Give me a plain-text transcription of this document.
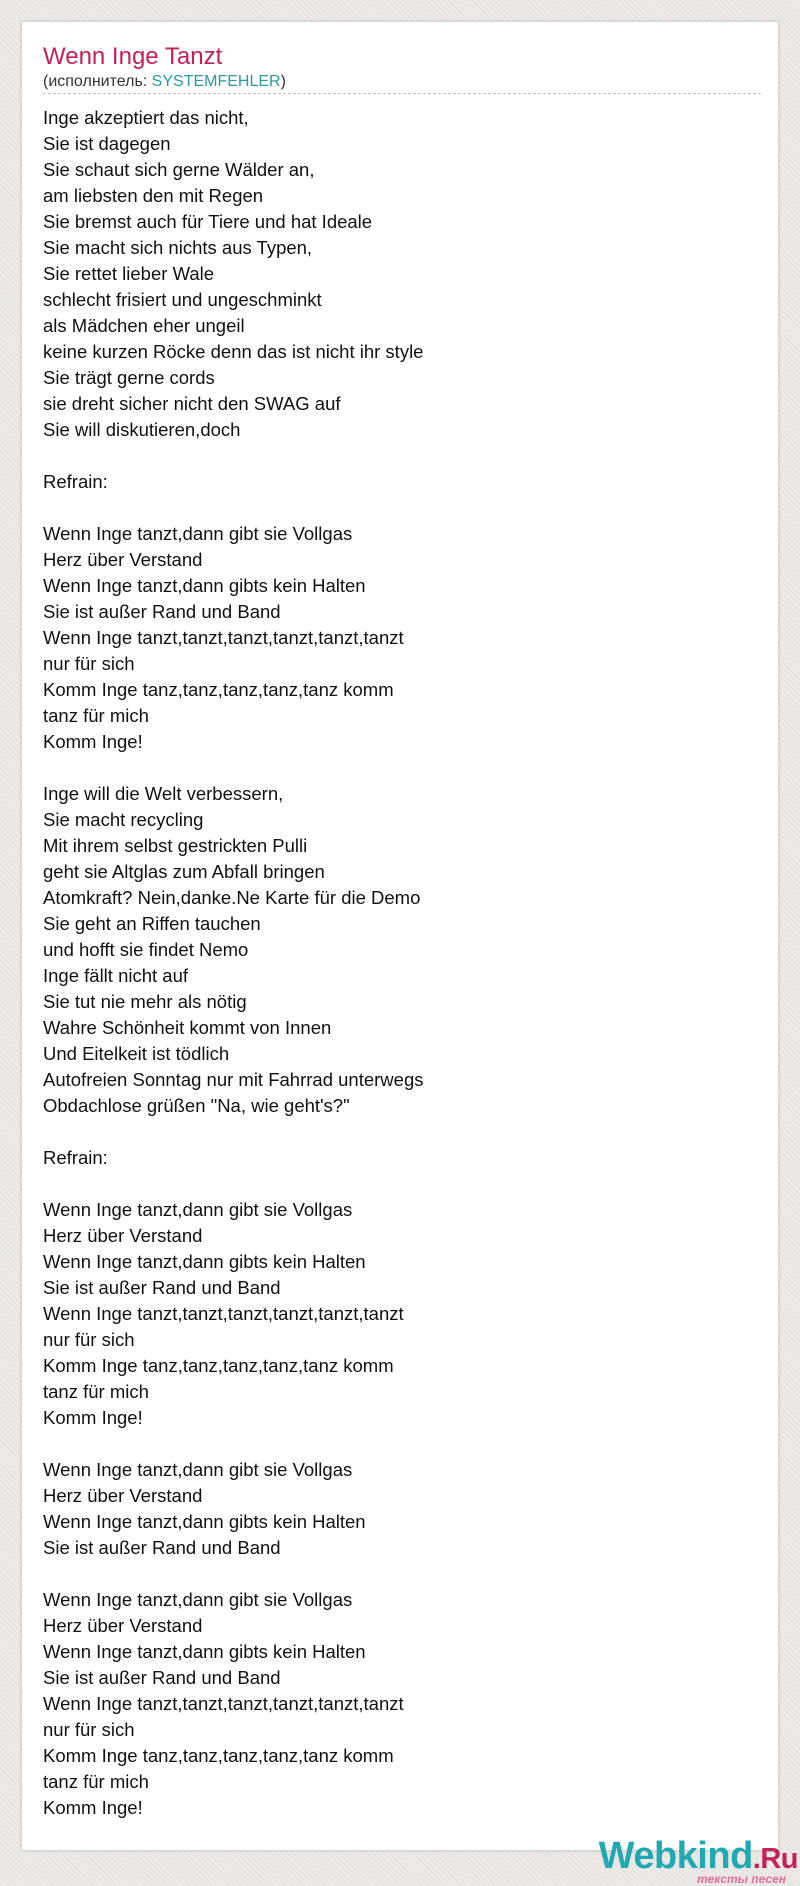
Wenn Inge Tanzt
(исполнитель: SYSTEMFEHLER)
Inge akzeptiert das nicht,
Sie ist dagegen
Sie schaut sich gerne Wälder an,
am liebsten den mit Regen
Sie bremst auch für Tiere und hat Ideale
Sie macht sich nichts aus Typen,
Sie rettet lieber Wale
schlecht frisiert und ungeschminkt
als Mädchen eher ungeil
keine kurzen Röcke denn das ist nicht ihr style
Sie trägt gerne cords
sie dreht sicher nicht den SWAG auf
Sie will diskutieren,doch
Refrain:
Wenn Inge tanzt,dann gibt sie Vollgas
Herz über Verstand
Wenn Inge tanzt,dann gibts kein Halten
Sie ist außer Rand und Band
Wenn Inge tanzt,tanzt,tanzt,tanzt,tanzt,tanzt
nur für sich
Komm Inge tanz,tanz,tanz,tanz,tanz komm
tanz für mich
Komm Inge!
Inge will die Welt verbessern,
Sie macht recycling
Mit ihrem selbst gestrickten Pulli
geht sie Altglas zum Abfall bringen
Atomkraft? Nein,danke.Ne Karte für die Demo
Sie geht an Riffen tauchen
und hofft sie findet Nemo
Inge fällt nicht auf
Sie tut nie mehr als nötig
Wahre Schönheit kommt von Innen
Und Eitelkeit ist tödlich
Autofreien Sonntag nur mit Fahrrad unterwegs
Obdachlose grüßen "Na, wie geht's?"
Refrain:
Wenn Inge tanzt,dann gibt sie Vollgas
Herz über Verstand
Wenn Inge tanzt,dann gibts kein Halten
Sie ist außer Rand und Band
Wenn Inge tanzt,tanzt,tanzt,tanzt,tanzt,tanzt
nur für sich
Komm Inge tanz,tanz,tanz,tanz,tanz komm
tanz für mich
Komm Inge!
Wenn Inge tanzt,dann gibt sie Vollgas
Herz über Verstand
Wenn Inge tanzt,dann gibts kein Halten
Sie ist außer Rand und Band
Wenn Inge tanzt,dann gibt sie Vollgas
Herz über Verstand
Wenn Inge tanzt,dann gibts kein Halten
Sie ist außer Rand und Band
Wenn Inge tanzt,tanzt,tanzt,tanzt,tanzt,tanzt
nur für sich
Komm Inge tanz,tanz,tanz,tanz,tanz komm
tanz für mich
Komm Inge!
Webkind.Ru
тексты песен
